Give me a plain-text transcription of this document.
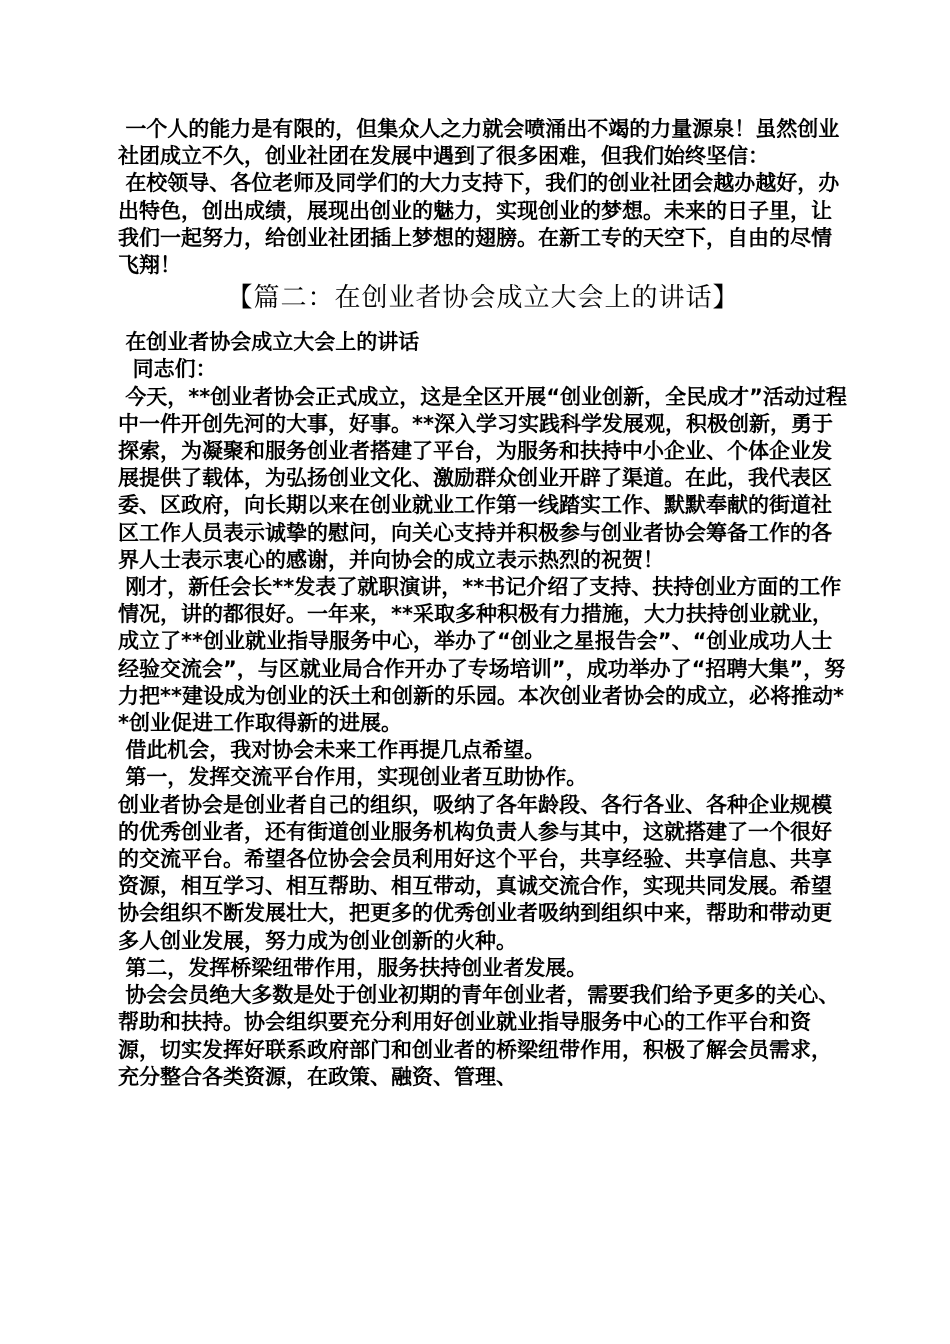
一个人的能力是有限的，但集众人之力就会喷涌出不竭的力量源泉！虽然创业社团成立不久，创业社团在发展中遇到了很多困难，但我们始终坚信：

在校领导、各位老师及同学们的大力支持下，我们的创业社团会越办越好，办出特色，创出成绩，展现出创业的魅力，实现创业的梦想。未来的日子里，让我们一起努力，给创业社团插上梦想的翅膀。在新工专的天空下，自由的尽情飞翔！

【篇二：在创业者协会成立大会上的讲话】

在创业者协会成立大会上的讲话

同志们：

今天，**创业者协会正式成立，这是全区开展“创业创新，全民成才”活动过程中一件开创先河的大事，好事。**深入学习实践科学发展观，积极创新，勇于探索，为凝聚和服务创业者搭建了平台，为服务和扶持中小企业、个体企业发展提供了载体，为弘扬创业文化、激励群众创业开辟了渠道。在此，我代表区委、区政府，向长期以来在创业就业工作第一线踏实工作、默默奉献的街道社区工作人员表示诚挚的慰问，向关心支持并积极参与创业者协会筹备工作的各界人士表示衷心的感谢，并向协会的成立表示热烈的祝贺！

刚才，新任会长**发表了就职演讲，**书记介绍了支持、扶持创业方面的工作情况，讲的都很好。一年来，**采取多种积极有力措施，大力扶持创业就业，成立了**创业就业指导服务中心，举办了“创业之星报告会”、“创业成功人士经验交流会”，与区就业局合作开办了专场培训”，成功举办了“招聘大集”，努力把**建设成为创业的沃土和创新的乐园。本次创业者协会的成立，必将推动**创业促进工作取得新的进展。

借此机会，我对协会未来工作再提几点希望。

第一，发挥交流平台作用，实现创业者互助协作。

创业者协会是创业者自己的组织，吸纳了各年龄段、各行各业、各种企业规模的优秀创业者，还有街道创业服务机构负责人参与其中，这就搭建了一个很好的交流平台。希望各位协会会员利用好这个平台，共享经验、共享信息、共享资源，相互学习、相互帮助、相互带动，真诚交流合作，实现共同发展。希望协会组织不断发展壮大，把更多的优秀创业者吸纳到组织中来，帮助和带动更多人创业发展，努力成为创业创新的火种。

第二，发挥桥梁纽带作用，服务扶持创业者发展。

协会会员绝大多数是处于创业初期的青年创业者，需要我们给予更多的关心、帮助和扶持。协会组织要充分利用好创业就业指导服务中心的工作平台和资源，切实发挥好联系政府部门和创业者的桥梁纽带作用，积极了解会员需求，充分整合各类资源，在政策、融资、管理、
